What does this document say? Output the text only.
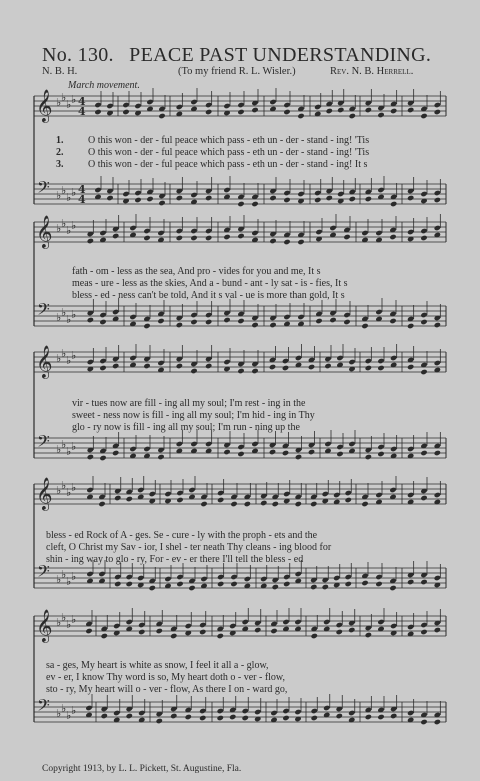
No. 130. PEACE PAST UNDERSTANDING.
N. B. H.	(To my friend R. L. Wisler.)	Rev. N. B. Herrell.
March movement.
𝄞
𝄢
♭ ♭
♭ ♭
♭ ♭
♭ ♭
4
4
4
4
𝄞
𝄢
♭ ♭
♭ ♭
♭ ♭
♭ ♭
𝄞
𝄢
♭ ♭
♭ ♭
♭ ♭
♭ ♭
𝄞
𝄢
♭ ♭
♭ ♭
♭ ♭
♭ ♭
𝄞
𝄢
♭ ♭
♭ ♭
♭ ♭
♭ ♭
1.
2.
3.
O this won - der - ful peace which pass - eth un - der - stand - ing! 'Tis
O this won - der - ful peace which pass - eth un - der - stand - ing! 'Tis
O this won - der - ful peace which pass - eth un - der - stand - ing! It s
fath - om - less as the sea, And pro - vides for you and me, It s
meas - ure - less as the skies, And a - bund - ant - ly sat - is - fies, It s
bless - ed - ness can't be told, And it s val - ue is more than gold, It s
vir - tues now are fill - ing all my soul; I'm rest - ing in the
sweet - ness now is fill - ing all my soul; I'm hid - ing in Thy
glo - ry now is fill - ing all my soul; I'm run - ning up the
bless - ed Rock of A - ges. Se - cure - ly with the proph - ets and the
cleft, O Christ my Sav - ior, I shel - ter neath Thy cleans - ing blood for
shin - ing way to glo - ry, For - ev - er there I'll tell the bless - ed
sa - ges, My heart is white as snow, I feel it all a - glow,
ev - er, I know Thy word is so, My heart doth o - ver - flow,
sto - ry, My heart will o - ver - flow, As there I on - ward go,
Copyright 1913, by L. L. Pickett, St. Augustine, Fla.
